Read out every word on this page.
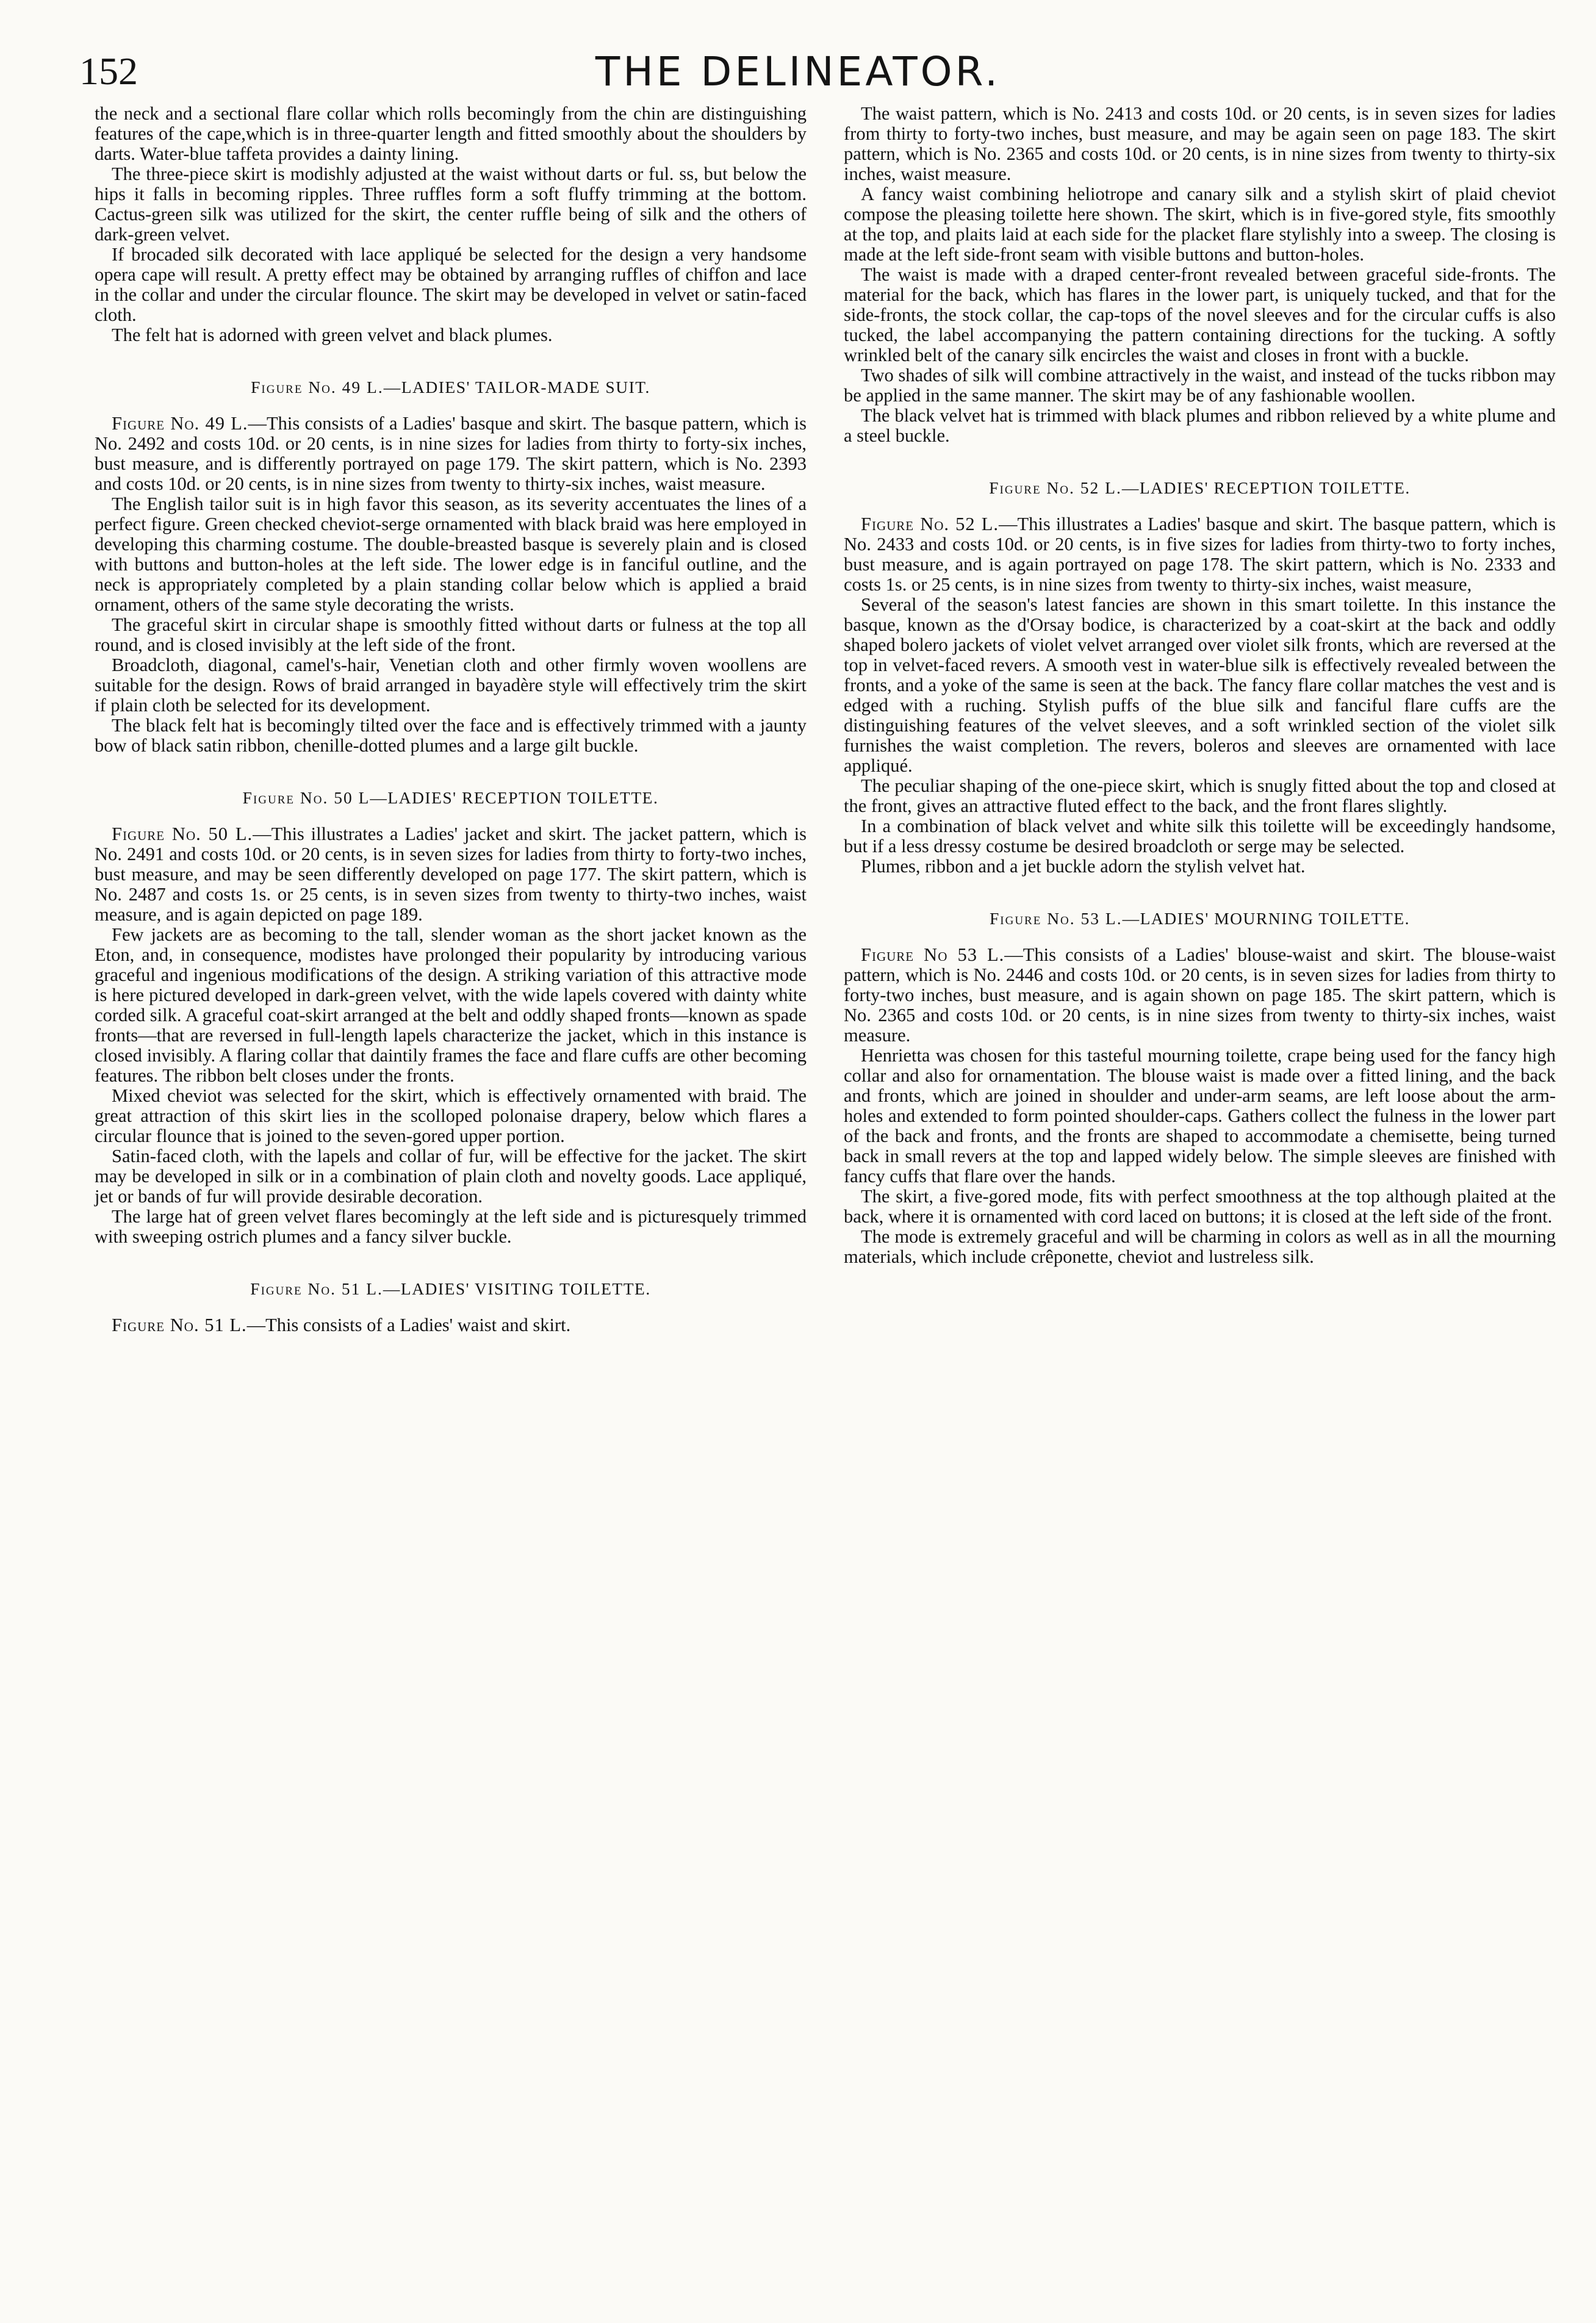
152	THE DELINEATOR.

the neck and a sectional flare collar which rolls becomingly from the chin are distinguishing features of the cape,which is in three-quarter length and fitted smoothly about the shoulders by darts. Water-blue taffeta provides a dainty lining.

The three-piece skirt is modishly adjusted at the waist without darts or ful. ss, but below the hips it falls in becoming ripples. Three ruffles form a soft fluffy trimming at the bottom. Cactus-green silk was utilized for the skirt, the center ruffle being of silk and the others of dark-green velvet.

If brocaded silk decorated with lace appliqué be selected for the design a very handsome opera cape will result. A pretty effect may be obtained by arranging ruffles of chiffon and lace in the collar and under the circular flounce. The skirt may be developed in velvet or satin-faced cloth.

The felt hat is adorned with green velvet and black plumes.

Figure No. 49 L.—LADIES' TAILOR-MADE SUIT.

Figure No. 49 L.—This consists of a Ladies' basque and skirt. The basque pattern, which is No. 2492 and costs 10d. or 20 cents, is in nine sizes for ladies from thirty to forty-six inches, bust measure, and is differently portrayed on page 179. The skirt pattern, which is No. 2393 and costs 10d. or 20 cents, is in nine sizes from twenty to thirty-six inches, waist measure.

The English tailor suit is in high favor this season, as its severity accentuates the lines of a perfect figure. Green checked cheviot-serge ornamented with black braid was here employed in developing this charming costume. The double-breasted basque is severely plain and is closed with buttons and button-holes at the left side. The lower edge is in fanciful outline, and the neck is appropriately completed by a plain standing collar below which is applied a braid ornament, others of the same style decorating the wrists.

The graceful skirt in circular shape is smoothly fitted without darts or fulness at the top all round, and is closed invisibly at the left side of the front.

Broadcloth, diagonal, camel's-hair, Venetian cloth and other firmly woven woollens are suitable for the design. Rows of braid arranged in bayadère style will effectively trim the skirt if plain cloth be selected for its development.

The black felt hat is becomingly tilted over the face and is effectively trimmed with a jaunty bow of black satin ribbon, chenille-dotted plumes and a large gilt buckle.

Figure No. 50 L—LADIES' RECEPTION TOILETTE.

Figure No. 50 L.—This illustrates a Ladies' jacket and skirt. The jacket pattern, which is No. 2491 and costs 10d. or 20 cents, is in seven sizes for ladies from thirty to forty-two inches, bust measure, and may be seen differently developed on page 177. The skirt pattern, which is No. 2487 and costs 1s. or 25 cents, is in seven sizes from twenty to thirty-two inches, waist measure, and is again depicted on page 189.

Few jackets are as becoming to the tall, slender woman as the short jacket known as the Eton, and, in consequence, modistes have prolonged their popularity by introducing various graceful and ingenious modifications of the design. A striking variation of this attractive mode is here pictured developed in dark-green velvet, with the wide lapels covered with dainty white corded silk. A graceful coat-skirt arranged at the belt and oddly shaped fronts—known as spade fronts—that are reversed in full-length lapels characterize the jacket, which in this instance is closed invisibly. A flaring collar that daintily frames the face and flare cuffs are other becoming features. The ribbon belt closes under the fronts.

Mixed cheviot was selected for the skirt, which is effectively ornamented with braid. The great attraction of this skirt lies in the scolloped polonaise drapery, below which flares a circular flounce that is joined to the seven-gored upper portion.

Satin-faced cloth, with the lapels and collar of fur, will be effective for the jacket. The skirt may be developed in silk or in a combination of plain cloth and novelty goods. Lace appliqué, jet or bands of fur will provide desirable decoration.

The large hat of green velvet flares becomingly at the left side and is picturesquely trimmed with sweeping ostrich plumes and a fancy silver buckle.

Figure No. 51 L.—LADIES' VISITING TOILETTE.

Figure No. 51 L.—This consists of a Ladies' waist and skirt.

The waist pattern, which is No. 2413 and costs 10d. or 20 cents, is in seven sizes for ladies from thirty to forty-two inches, bust measure, and may be again seen on page 183. The skirt pattern, which is No. 2365 and costs 10d. or 20 cents, is in nine sizes from twenty to thirty-six inches, waist measure.

A fancy waist combining heliotrope and canary silk and a stylish skirt of plaid cheviot compose the pleasing toilette here shown. The skirt, which is in five-gored style, fits smoothly at the top, and plaits laid at each side for the placket flare stylishly into a sweep. The closing is made at the left side-front seam with visible buttons and button-holes.

The waist is made with a draped center-front revealed between graceful side-fronts. The material for the back, which has flares in the lower part, is uniquely tucked, and that for the side-fronts, the stock collar, the cap-tops of the novel sleeves and for the circular cuffs is also tucked, the label accompanying the pattern containing directions for the tucking. A softly wrinkled belt of the canary silk encircles the waist and closes in front with a buckle.

Two shades of silk will combine attractively in the waist, and instead of the tucks ribbon may be applied in the same manner. The skirt may be of any fashionable woollen.

The black velvet hat is trimmed with black plumes and ribbon relieved by a white plume and a steel buckle.

Figure No. 52 L.—LADIES' RECEPTION TOILETTE.

Figure No. 52 L.—This illustrates a Ladies' basque and skirt. The basque pattern, which is No. 2433 and costs 10d. or 20 cents, is in five sizes for ladies from thirty-two to forty inches, bust measure, and is again portrayed on page 178. The skirt pattern, which is No. 2333 and costs 1s. or 25 cents, is in nine sizes from twenty to thirty-six inches, waist measure,

Several of the season's latest fancies are shown in this smart toilette. In this instance the basque, known as the d'Orsay bodice, is characterized by a coat-skirt at the back and oddly shaped bolero jackets of violet velvet arranged over violet silk fronts, which are reversed at the top in velvet-faced revers. A smooth vest in water-blue silk is effectively revealed between the fronts, and a yoke of the same is seen at the back. The fancy flare collar matches the vest and is edged with a ruching. Stylish puffs of the blue silk and fanciful flare cuffs are the distinguishing features of the velvet sleeves, and a soft wrinkled section of the violet silk furnishes the waist completion. The revers, boleros and sleeves are ornamented with lace appliqué.

The peculiar shaping of the one-piece skirt, which is snugly fitted about the top and closed at the front, gives an attractive fluted effect to the back, and the front flares slightly.

In a combination of black velvet and white silk this toilette will be exceedingly handsome, but if a less dressy costume be desired broadcloth or serge may be selected.

Plumes, ribbon and a jet buckle adorn the stylish velvet hat.

Figure No. 53 L.—LADIES' MOURNING TOILETTE.

Figure No 53 L.—This consists of a Ladies' blouse-waist and skirt. The blouse-waist pattern, which is No. 2446 and costs 10d. or 20 cents, is in seven sizes for ladies from thirty to forty-two inches, bust measure, and is again shown on page 185. The skirt pattern, which is No. 2365 and costs 10d. or 20 cents, is in nine sizes from twenty to thirty-six inches, waist measure.

Henrietta was chosen for this tasteful mourning toilette, crape being used for the fancy high collar and also for ornamentation. The blouse waist is made over a fitted lining, and the back and fronts, which are joined in shoulder and under-arm seams, are left loose about the arm-holes and extended to form pointed shoulder-caps. Gathers collect the fulness in the lower part of the back and fronts, and the fronts are shaped to accommodate a chemisette, being turned back in small revers at the top and lapped widely below. The simple sleeves are finished with fancy cuffs that flare over the hands.

The skirt, a five-gored mode, fits with perfect smoothness at the top although plaited at the back, where it is ornamented with cord laced on buttons; it is closed at the left side of the front.

The mode is extremely graceful and will be charming in colors as well as in all the mourning materials, which include crêponette, cheviot and lustreless silk.
